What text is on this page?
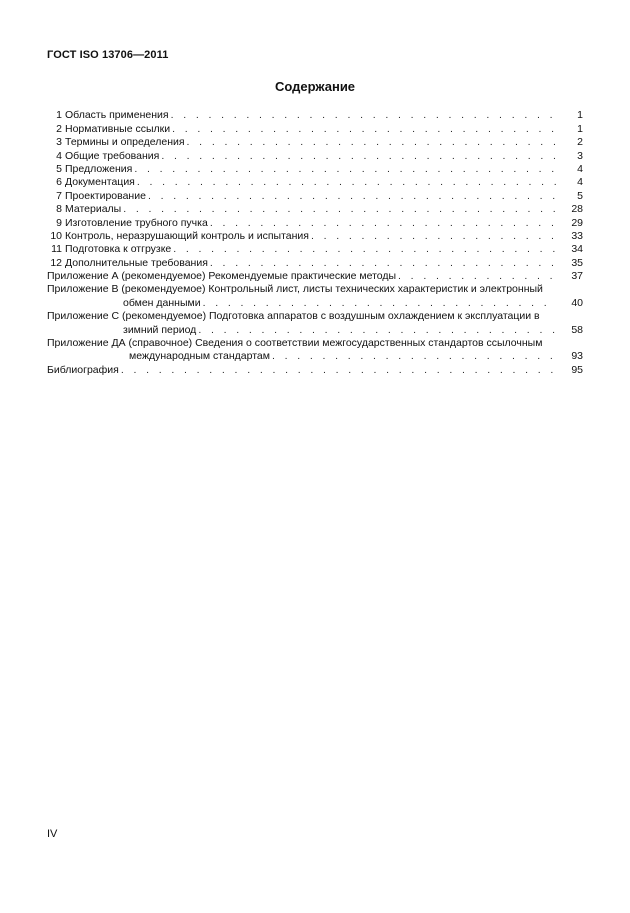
ГОСТ ISO 13706—2011
Содержание
1 Область применения . . .	1
2 Нормативные ссылки . . .	1
3 Термины и определения . . .	2
4 Общие требования . . .	3
5 Предложения . . .	4
6 Документация . . .	4
7 Проектирование . . .	5
8 Материалы . . .	28
9 Изготовление трубного пучка . . .	29
10 Контроль, неразрушающий контроль и испытания . . .	33
11 Подготовка к отгрузке . . .	34
12 Дополнительные требования . . .	35
Приложение А (рекомендуемое) Рекомендуемые практические методы . . .	37
Приложение В (рекомендуемое) Контрольный лист, листы технических характеристик и электронный
обмен данными . . .	40
Приложение С (рекомендуемое) Подготовка аппаратов с воздушным охлаждением к эксплуатации в
зимний период . . .	58
Приложение ДА (справочное) Сведения о соответствии межгосударственных стандартов ссылочным
международным стандартам . . .	93
Библиография . . .	95
IV
